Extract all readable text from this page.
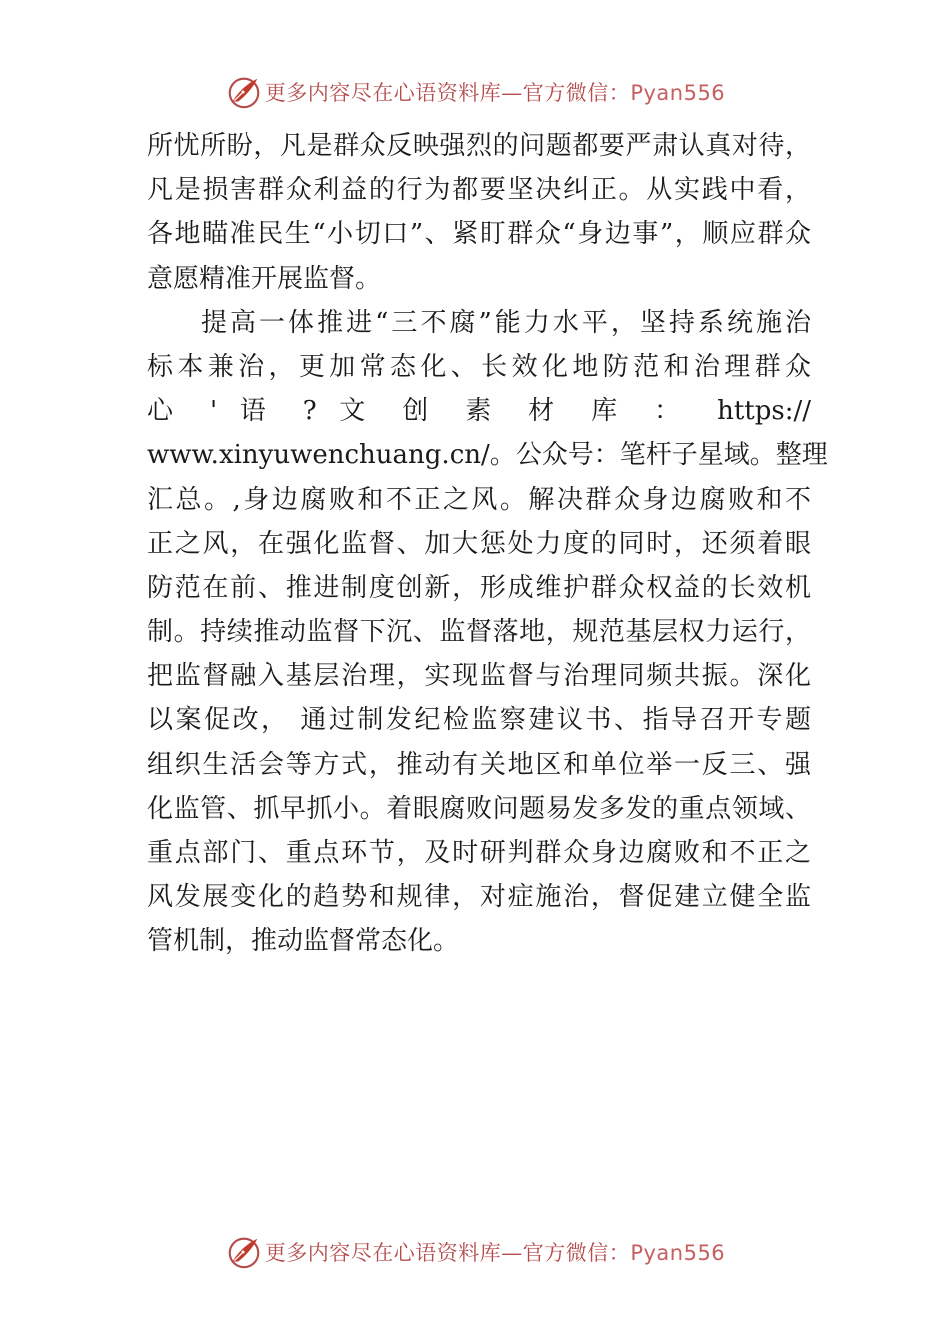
更多内容尽在心语资料库—官方微信：Pyan556
所忧所盼，凡是群众反映强烈的问题都要严肃认真对待，
凡是损害群众利益的行为都要坚决纠正。从实践中看，
各地瞄准民生“小切口”、紧盯群众“身边事”，顺应群众
意愿精准开展监督。
提高一体推进“三不腐”能力水平，坚持系统施治
标本兼治，更加常态化、长效化地防范和治理群众
心 ' 语 ? 文 创 素 材 库 ： https://
www.xinyuwenchuang.cn/。公众号：笔杆子星域。整理
汇总。,身边腐败和不正之风。解决群众身边腐败和不
正之风，在强化监督、加大惩处力度的同时，还须着眼
防范在前、推进制度创新，形成维护群众权益的长效机
制。持续推动监督下沉、监督落地，规范基层权力运行，
把监督融入基层治理，实现监督与治理同频共振。深化
以案促改， 通过制发纪检监察建议书、指导召开专题
组织生活会等方式，推动有关地区和单位举一反三、强
化监管、抓早抓小。着眼腐败问题易发多发的重点领域、
重点部门、重点环节，及时研判群众身边腐败和不正之
风发展变化的趋势和规律，对症施治，督促建立健全监
管机制，推动监督常态化。
更多内容尽在心语资料库—官方微信：Pyan556
